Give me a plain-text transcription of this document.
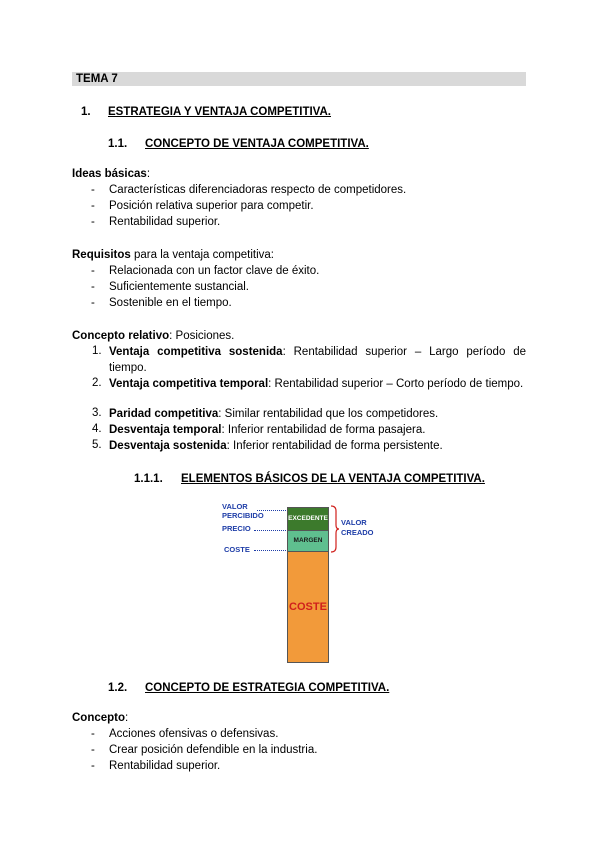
TEMA 7
1. ESTRATEGIA Y VENTAJA COMPETITIVA.
1.1. CONCEPTO DE VENTAJA COMPETITIVA.
Ideas básicas:
- Características diferenciadoras respecto de competidores.
- Posición relativa superior para competir.
- Rentabilidad superior.
Requisitos para la ventaja competitiva:
- Relacionada con un factor clave de éxito.
- Suficientemente sustancial.
- Sostenible en el tiempo.
Concepto relativo: Posiciones.
1. Ventaja competitiva sostenida: Rentabilidad superior – Largo período de tiempo.
2. Ventaja competitiva temporal: Rentabilidad superior – Corto período de tiempo.
3. Paridad competitiva: Similar rentabilidad que los competidores.
4. Desventaja temporal: Inferior rentabilidad de forma pasajera.
5. Desventaja sostenida: Inferior rentabilidad de forma persistente.
1.1.1. ELEMENTOS BÁSICOS DE LA VENTAJA COMPETITIVA.
VALOR
PERCIBIDO
PRECIO
COSTE
EXCEDENTE
MARGEN
COSTE
VALOR
CREADO
1.2. CONCEPTO DE ESTRATEGIA COMPETITIVA.
Concepto:
- Acciones ofensivas o defensivas.
- Crear posición defendible en la industria.
- Rentabilidad superior.
